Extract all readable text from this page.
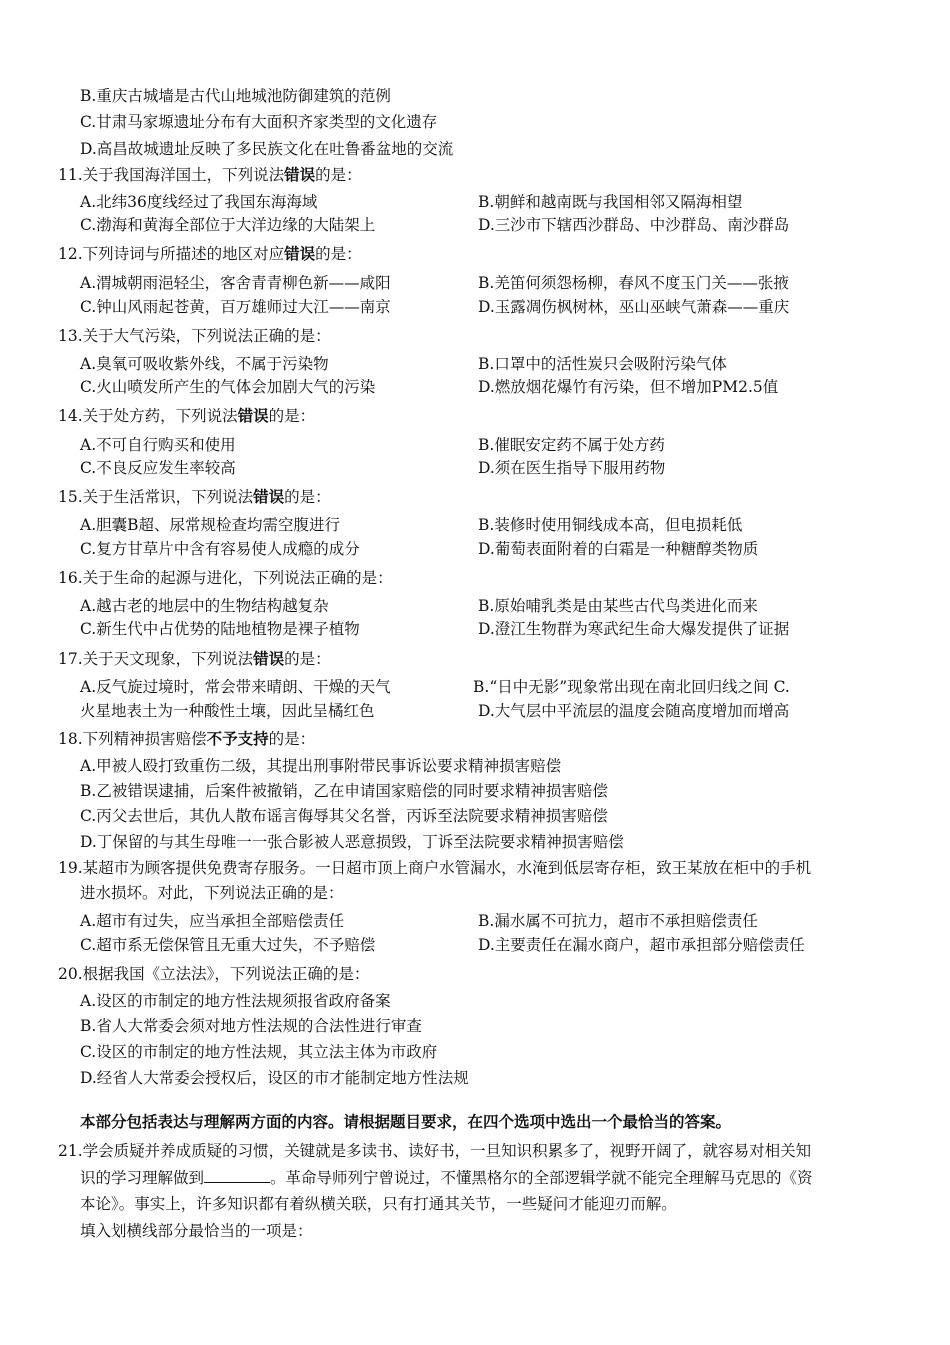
B.重庆古城墙是古代山地城池防御建筑的范例
C.甘肃马家塬遗址分布有大面积齐家类型的文化遗存
D.高昌故城遗址反映了多民族文化在吐鲁番盆地的交流
11.关于我国海洋国土，下列说法错误的是：
A.北纬36度线经过了我国东海海域	B.朝鲜和越南既与我国相邻又隔海相望
C.渤海和黄海全部位于大洋边缘的大陆架上	D.三沙市下辖西沙群岛、中沙群岛、南沙群岛
12.下列诗词与所描述的地区对应错误的是：
A.渭城朝雨浥轻尘，客舍青青柳色新——咸阳	B.羌笛何须怨杨柳，春风不度玉门关——张掖
C.钟山风雨起苍黄，百万雄师过大江——南京	D.玉露凋伤枫树林，巫山巫峡气萧森——重庆
13.关于大气污染，下列说法正确的是：
A.臭氧可吸收紫外线，不属于污染物	B.口罩中的活性炭只会吸附污染气体
C.火山喷发所产生的气体会加剧大气的污染	D.燃放烟花爆竹有污染，但不增加PM2.5值
14.关于处方药，下列说法错误的是：
A.不可自行购买和使用	B.催眠安定药不属于处方药
C.不良反应发生率较高	D.须在医生指导下服用药物
15.关于生活常识，下列说法错误的是：
A.胆囊B超、尿常规检查均需空腹进行	B.装修时使用铜线成本高，但电损耗低
C.复方甘草片中含有容易使人成瘾的成分	D.葡萄表面附着的白霜是一种糖醇类物质
16.关于生命的起源与进化，下列说法正确的是：
A.越古老的地层中的生物结构越复杂	B.原始哺乳类是由某些古代鸟类进化而来
C.新生代中占优势的陆地植物是裸子植物	D.澄江生物群为寒武纪生命大爆发提供了证据
17.关于天文现象，下列说法错误的是：
A.反气旋过境时，常会带来晴朗、干燥的天气	B.“日中无影”现象常出现在南北回归线之间 C.
火星地表土为一种酸性土壤，因此呈橘红色	D.大气层中平流层的温度会随高度增加而增高
18.下列精神损害赔偿不予支持的是：
A.甲被人殴打致重伤二级，其提出刑事附带民事诉讼要求精神损害赔偿
B.乙被错误逮捕，后案件被撤销，乙在申请国家赔偿的同时要求精神损害赔偿
C.丙父去世后，其仇人散布谣言侮辱其父名誉，丙诉至法院要求精神损害赔偿
D.丁保留的与其生母唯一一张合影被人恶意损毁，丁诉至法院要求精神损害赔偿
19.某超市为顾客提供免费寄存服务。一日超市顶上商户水管漏水，水淹到低层寄存柜，致王某放在柜中的手机
进水损坏。对此，下列说法正确的是：
A.超市有过失，应当承担全部赔偿责任	B.漏水属不可抗力，超市不承担赔偿责任
C.超市系无偿保管且无重大过失，不予赔偿	D.主要责任在漏水商户，超市承担部分赔偿责任
20.根据我国《立法法》，下列说法正确的是：
A.设区的市制定的地方性法规须报省政府备案
B.省人大常委会须对地方性法规的合法性进行审查
C.设区的市制定的地方性法规，其立法主体为市政府
D.经省人大常委会授权后，设区的市才能制定地方性法规
本部分包括表达与理解两方面的内容。请根据题目要求，在四个选项中选出一个最恰当的答案。
21.学会质疑并养成质疑的习惯，关键就是多读书、读好书，一旦知识积累多了，视野开阔了，就容易对相关知
识的学习理解做到	。革命导师列宁曾说过，不懂黑格尔的全部逻辑学就不能完全理解马克思的《资
本论》。事实上，许多知识都有着纵横关联，只有打通其关节，一些疑问才能迎刃而解。
填入划横线部分最恰当的一项是：
